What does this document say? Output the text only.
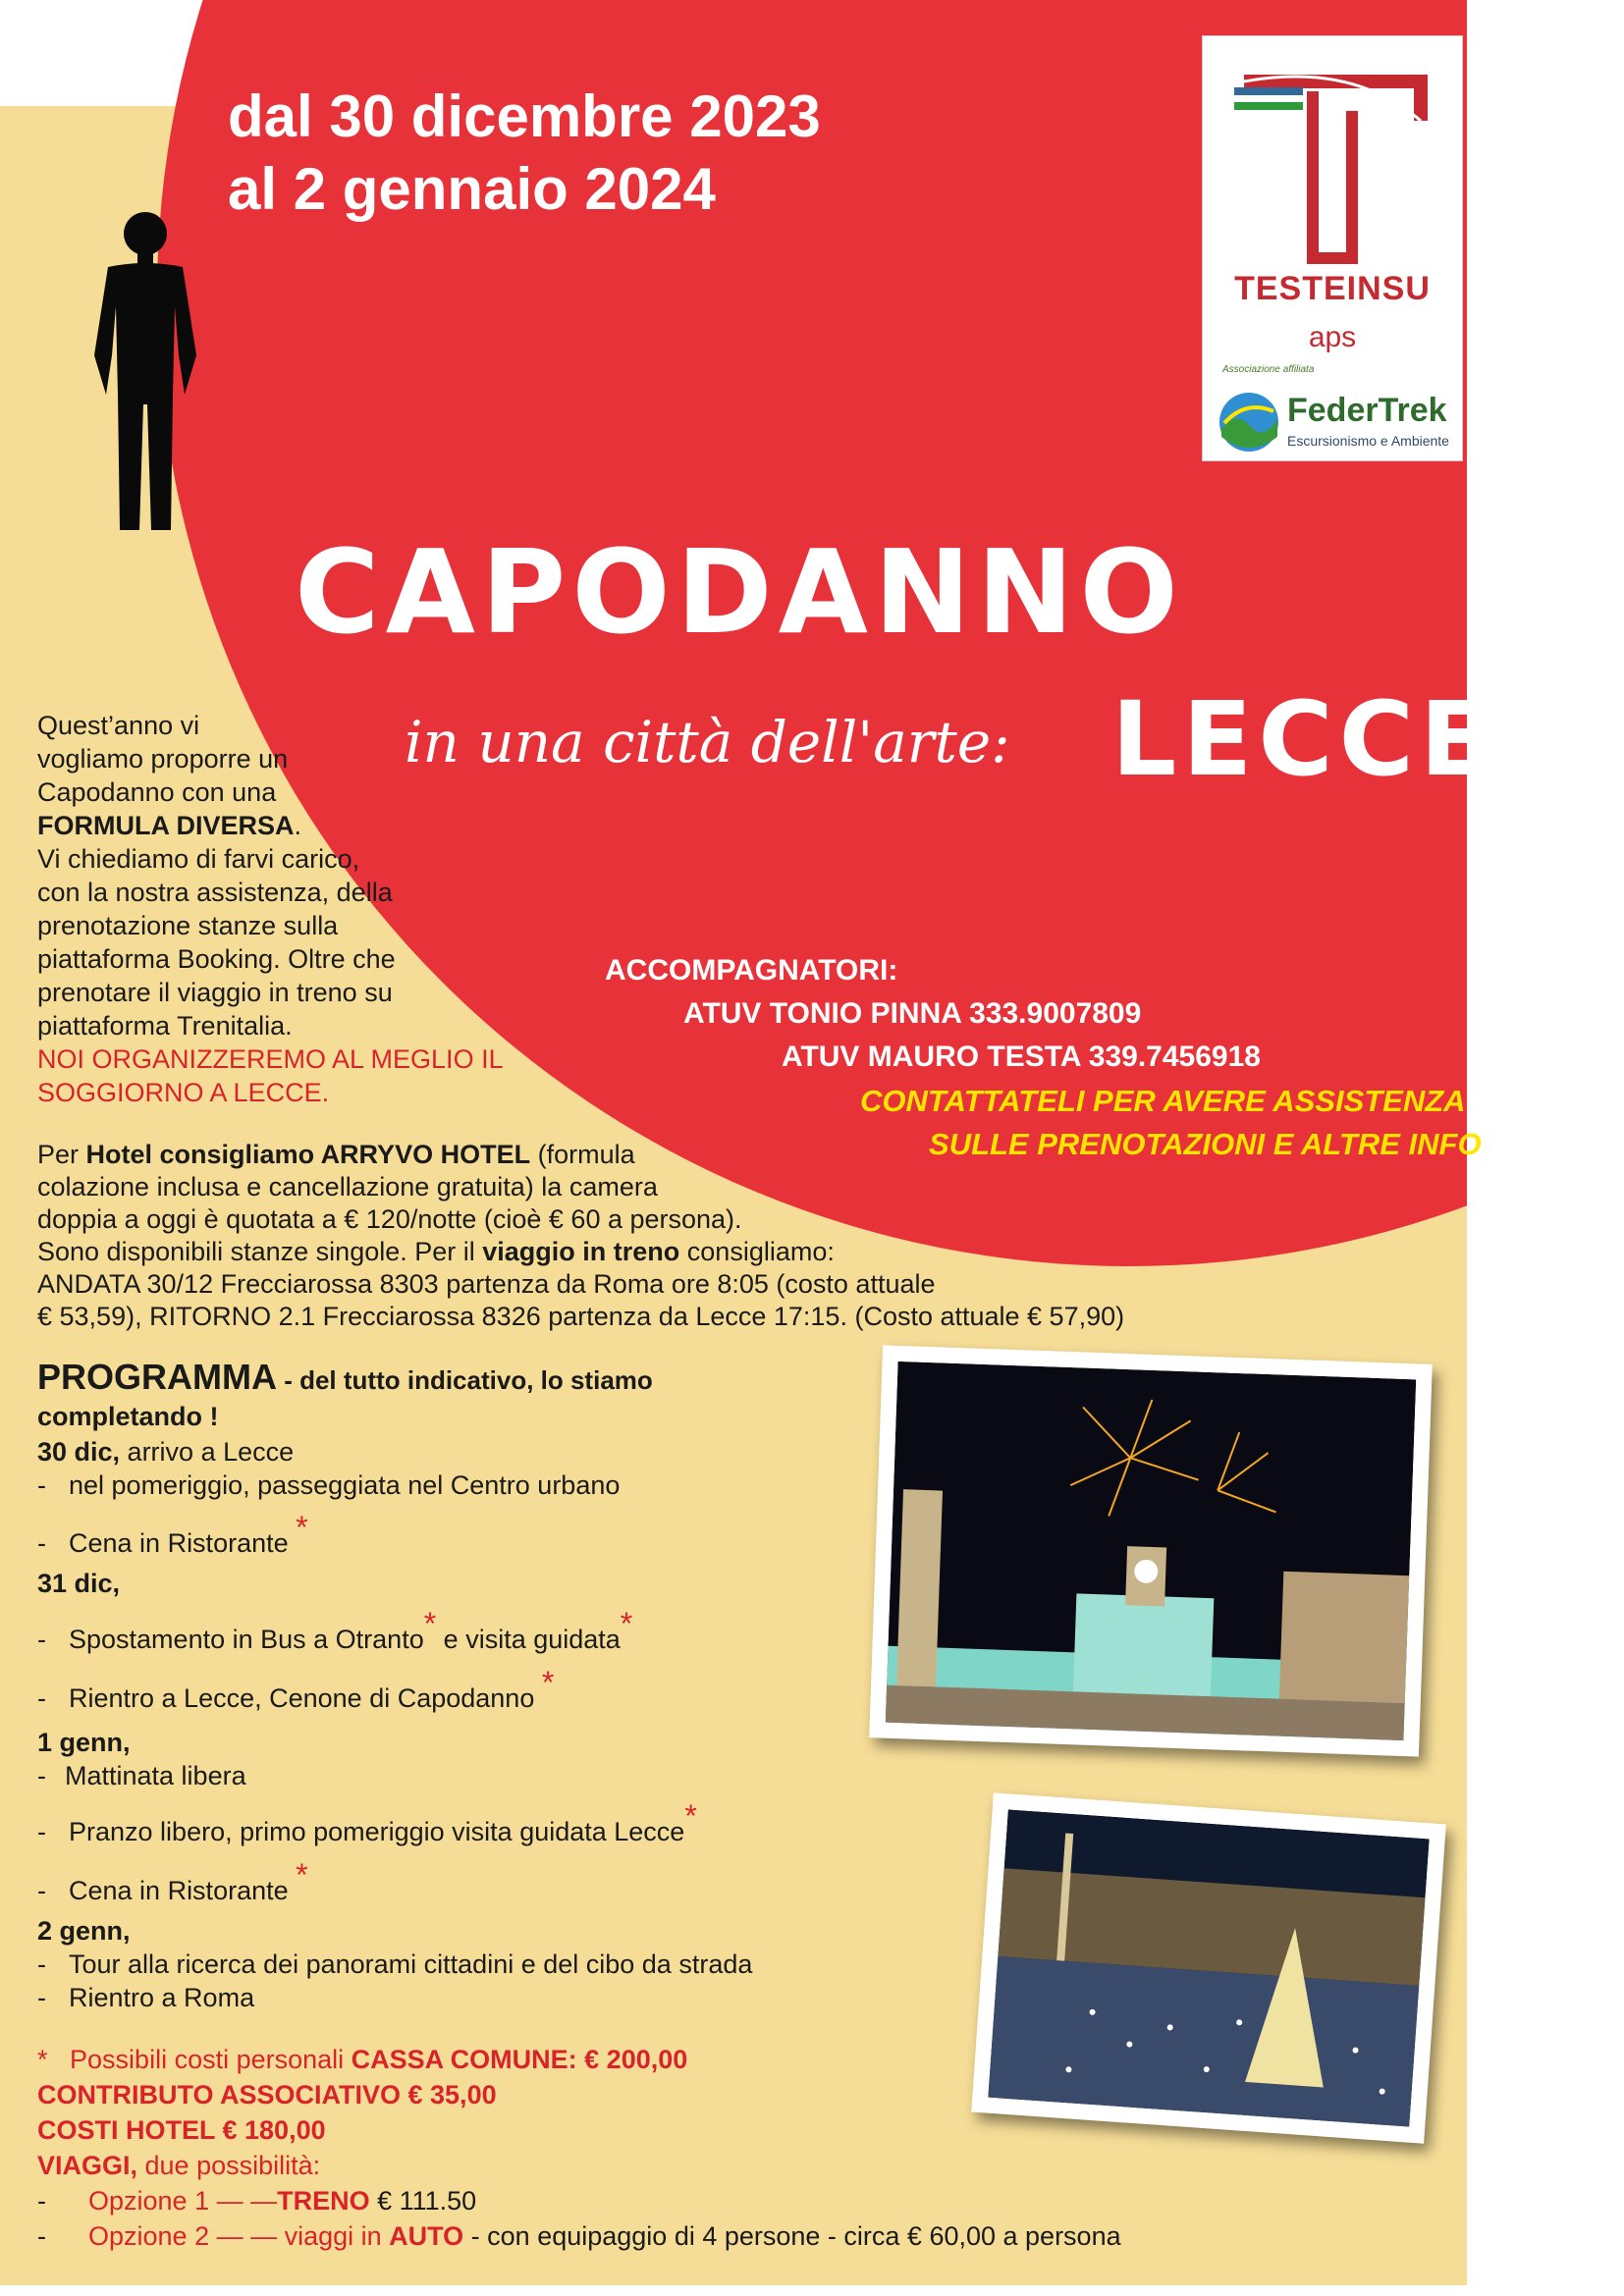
dal 30 dicembre 2023
al 2 gennaio 2024
TESTEINSU
aps
Associazione affiliata
FederTrek
Escursionismo e Ambiente
CAPODANNO
in una città dell'arte: LECCE
Quest’anno vi
vogliamo proporre un
Capodanno con una
FORMULA DIVERSA.
Vi chiediamo di farvi carico,
con la nostra assistenza, della
prenotazione stanze sulla
piattaforma Booking. Oltre che
prenotare il viaggio in treno su
piattaforma Trenitalia.
NOI ORGANIZZEREMO AL MEGLIO IL
SOGGIORNO A LECCE.
ACCOMPAGNATORI:
ATUV TONIO PINNA 333.9007809
ATUV MAURO TESTA 339.7456918
CONTATTATELI PER AVERE ASSISTENZA
SULLE PRENOTAZIONI E ALTRE INFO
Per Hotel consigliamo ARRYVO HOTEL (formula
colazione inclusa e cancellazione gratuita) la camera
doppia a oggi è quotata a € 120/notte (cioè € 60 a persona).
Sono disponibili stanze singole. Per il viaggio in treno consigliamo:
ANDATA 30/12 Frecciarossa 8303 partenza da Roma ore 8:05 (costo attuale
€ 53,59), RITORNO 2.1 Frecciarossa 8326 partenza da Lecce 17:15. (Costo attuale € 57,90)
PROGRAMMA - del tutto indicativo, lo stiamo
completando !
30 dic, arrivo a Lecce
- nel pomeriggio, passeggiata nel Centro urbano
- Cena in Ristorante *
31 dic,
- Spostamento in Bus a Otranto* e visita guidata*
- Rientro a Lecce, Cenone di Capodanno *
1 genn,
- Mattinata libera
- Pranzo libero, primo pomeriggio visita guidata Lecce*
- Cena in Ristorante *
2 genn,
- Tour alla ricerca dei panorami cittadini e del cibo da strada
- Rientro a Roma
* Possibili costi personali CASSA COMUNE: € 200,00
CONTRIBUTO ASSOCIATIVO € 35,00
COSTI HOTEL € 180,00
VIAGGI, due possibilità:
- Opzione 1 — —TRENO € 111.50
- Opzione 2 — — viaggi in AUTO - con equipaggio di 4 persone - circa € 60,00 a persona
